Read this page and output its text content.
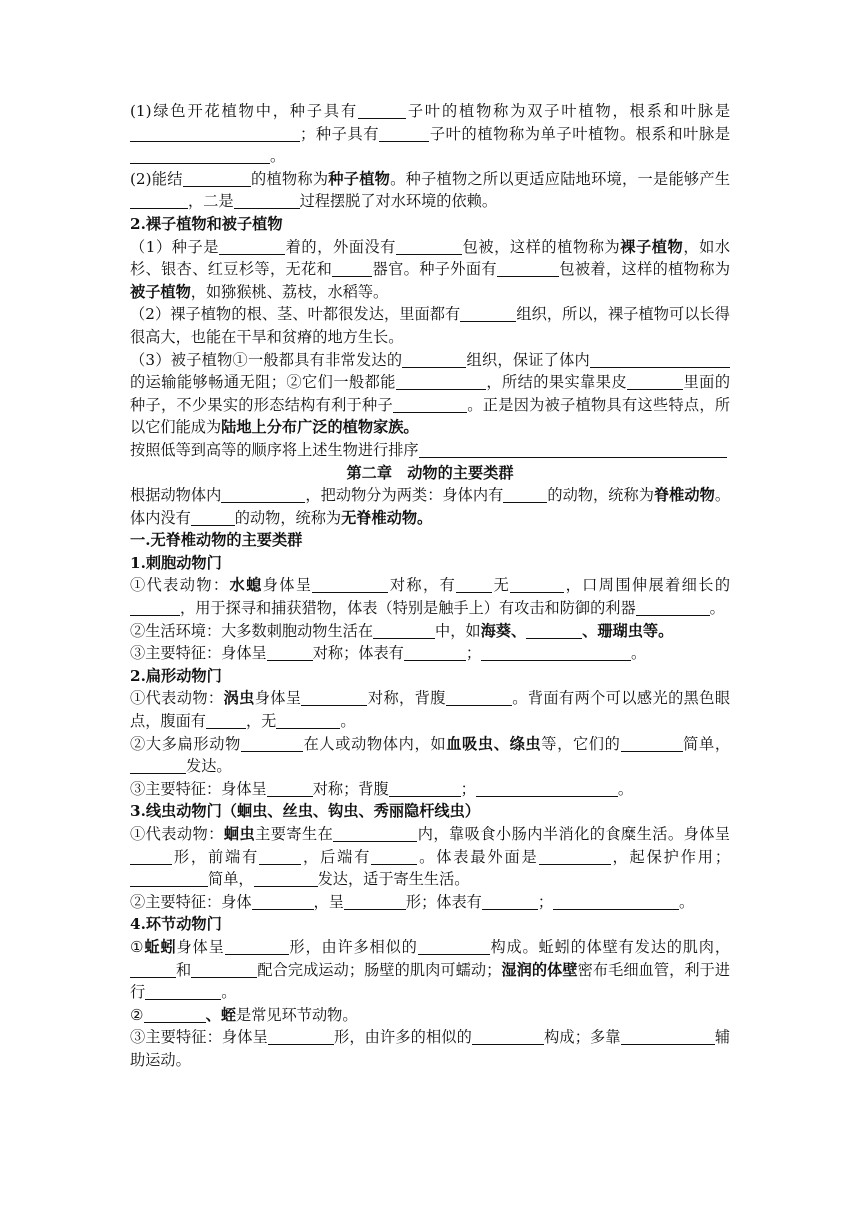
(1)绿色开花植物中，种子具有	子叶的植物称为双子叶植物，根系和叶脉是；种子具有	子叶的植物称为单子叶植物。根系和叶脉是。

(2)能结	的植物称为种子植物。种子植物之所以更适应陆地环境，一是能够产生，二是	过程摆脱了对水环境的依赖。

2.裸子植物和被子植物

（1）种子是	着的，外面没有	包被，这样的植物称为裸子植物，如水杉、银杏、红豆杉等，无花和	器官。种子外面有	包被着，这样的植物称为被子植物，如猕猴桃、荔枝，水稻等。

（2）裸子植物的根、茎、叶都很发达，里面都有	组织，所以，裸子植物可以长得很高大，也能在干旱和贫瘠的地方生长。

（3）被子植物①一般都具有非常发达的	组织，保证了体内的运输能够畅通无阻；②它们一般都能	，所结的果实靠果皮	里面的种子，不少果实的形态结构有利于种子	。正是因为被子植物具有这些特点，所以它们能成为陆地上分布广泛的植物家族。

按照低等到高等的顺序将上述生物进行排序

第二章　动物的主要类群

根据动物体内	，把动物分为两类：身体内有	的动物，统称为脊椎动物。体内没有	的动物，统称为无脊椎动物。

一.无脊椎动物的主要类群

1.刺胞动物门

①代表动物：水螅身体呈	对称，有 无	，口周围伸展着细长的，用于探寻和捕获猎物，体表（特别是触手上）有攻击和防御的利器	。

②生活环境：大多数刺胞动物生活在	中，如海葵、	、珊瑚虫等。

③主要特征：身体呈	对称；体表有	；	。

2.扁形动物门

①代表动物：涡虫身体呈	对称，背腹	。背面有两个可以感光的黑色眼点，腹面有	，无	。

②大多扁形动物	在人或动物体内，如血吸虫、绦虫等，它们的	简单，发达。

③主要特征：身体呈	对称；背腹	；	。

3.线虫动物门（蛔虫、丝虫、钩虫、秀丽隐杆线虫）

①代表动物：蛔虫主要寄生在	内，靠吸食小肠内半消化的食糜生活。身体呈形，前端有	，后端有	。体表最外面是	，起保护作用；简单，	发达，适于寄生生活。

②主要特征：身体	，呈	形；体表有	；	。

4.环节动物门

①蚯蚓身体呈	形，由许多相似的	构成。蚯蚓的体壁有发达的肌肉，和	配合完成运动；肠壁的肌肉可蠕动；湿润的体壁密布毛细血管，利于进行	。

②	、蛭是常见环节动物。

③主要特征：身体呈	形，由许多的相似的	构成；多靠	辅助运动。
